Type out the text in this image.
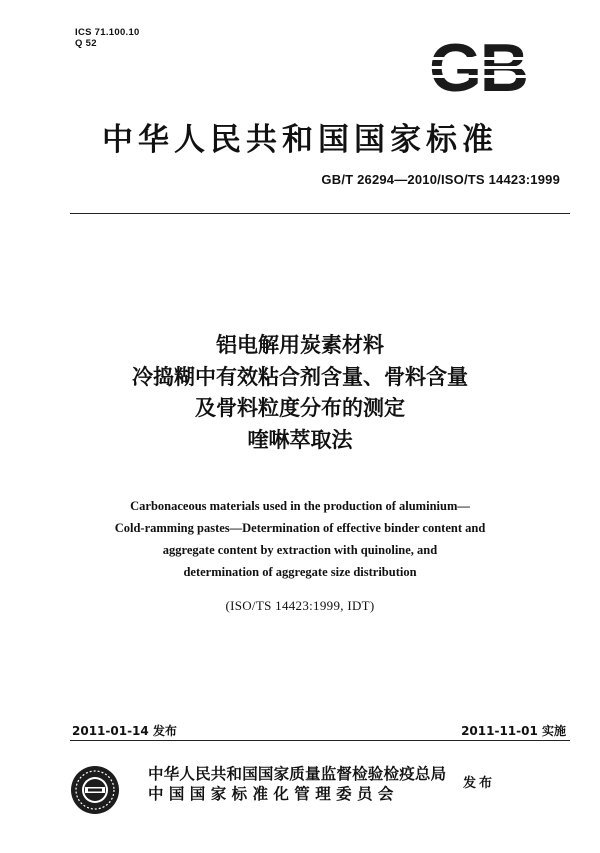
ICS 71.100.10
Q 52
中华人民共和国国家标准
GB/T 26294—2010/ISO/TS 14423:1999
铝电解用炭素材料
冷捣糊中有效粘合剂含量、骨料含量
及骨料粒度分布的测定
喹啉萃取法
Carbonaceous materials used in the production of aluminium—
Cold-ramming pastes—Determination of effective binder content and
aggregate content by extraction with quinoline, and
determination of aggregate size distribution
(ISO/TS 14423:1999, IDT)
2011-01-14 发布	2011-11-01 实施
中华人民共和国国家质量监督检验检疫总局
中国国家标准化管理委员会
发布
